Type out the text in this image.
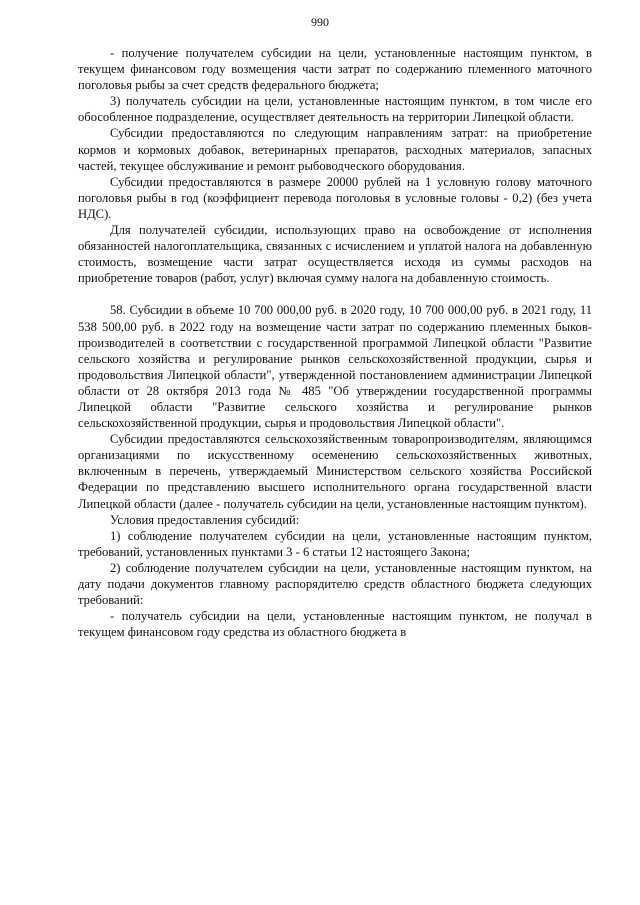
990

- получение получателем субсидии на цели, установленные настоящим пунктом, в текущем финансовом году возмещения части затрат по содержанию племенного маточного поголовья рыбы за счет средств федерального бюджета;

3) получатель субсидии на цели, установленные настоящим пунктом, в том числе его обособленное подразделение, осуществляет деятельность на территории Липецкой области.

Субсидии предоставляются по следующим направлениям затрат: на приобретение кормов и кормовых добавок, ветеринарных препаратов, расходных материалов, запасных частей, текущее обслуживание и ремонт рыбоводческого оборудования.

Субсидии предоставляются в размере 20000 рублей на 1 условную голову маточного поголовья рыбы в год (коэффициент перевода поголовья в условные головы - 0,2) (без учета НДС).

Для получателей субсидии, использующих право на освобождение от исполнения обязанностей налогоплательщика, связанных с исчислением и уплатой налога на добавленную стоимость, возмещение части затрат осуществляется исходя из суммы расходов на приобретение товаров (работ, услуг) включая сумму налога на добавленную стоимость.

58. Субсидии в объеме 10 700 000,00 руб. в 2020 году, 10 700 000,00 руб. в 2021 году, 11 538 500,00 руб. в 2022 году на возмещение части затрат по содержанию племенных быков-производителей в соответствии с государственной программой Липецкой области "Развитие сельского хозяйства и регулирование рынков сельскохозяйственной продукции, сырья и продовольствия Липецкой области", утвержденной постановлением администрации Липецкой области от 28 октября 2013 года № 485 "Об утверждении государственной программы Липецкой области "Развитие сельского хозяйства и регулирование рынков сельскохозяйственной продукции, сырья и продовольствия Липецкой области".

Субсидии предоставляются сельскохозяйственным товаропроизводителям, являющимся организациями по искусственному осеменению сельскохозяйственных животных, включенным в перечень, утверждаемый Министерством сельского хозяйства Российской Федерации по представлению высшего исполнительного органа государственной власти Липецкой области (далее - получатель субсидии на цели, установленные настоящим пунктом).

Условия предоставления субсидий:

1) соблюдение получателем субсидии на цели, установленные настоящим пунктом, требований, установленных пунктами 3 - 6 статьи 12 настоящего Закона;

2) соблюдение получателем субсидии на цели, установленные настоящим пунктом, на дату подачи документов главному распорядителю средств областного бюджета следующих требований:

- получатель субсидии на цели, установленные настоящим пунктом, не получал в текущем финансовом году средства из областного бюджета в
